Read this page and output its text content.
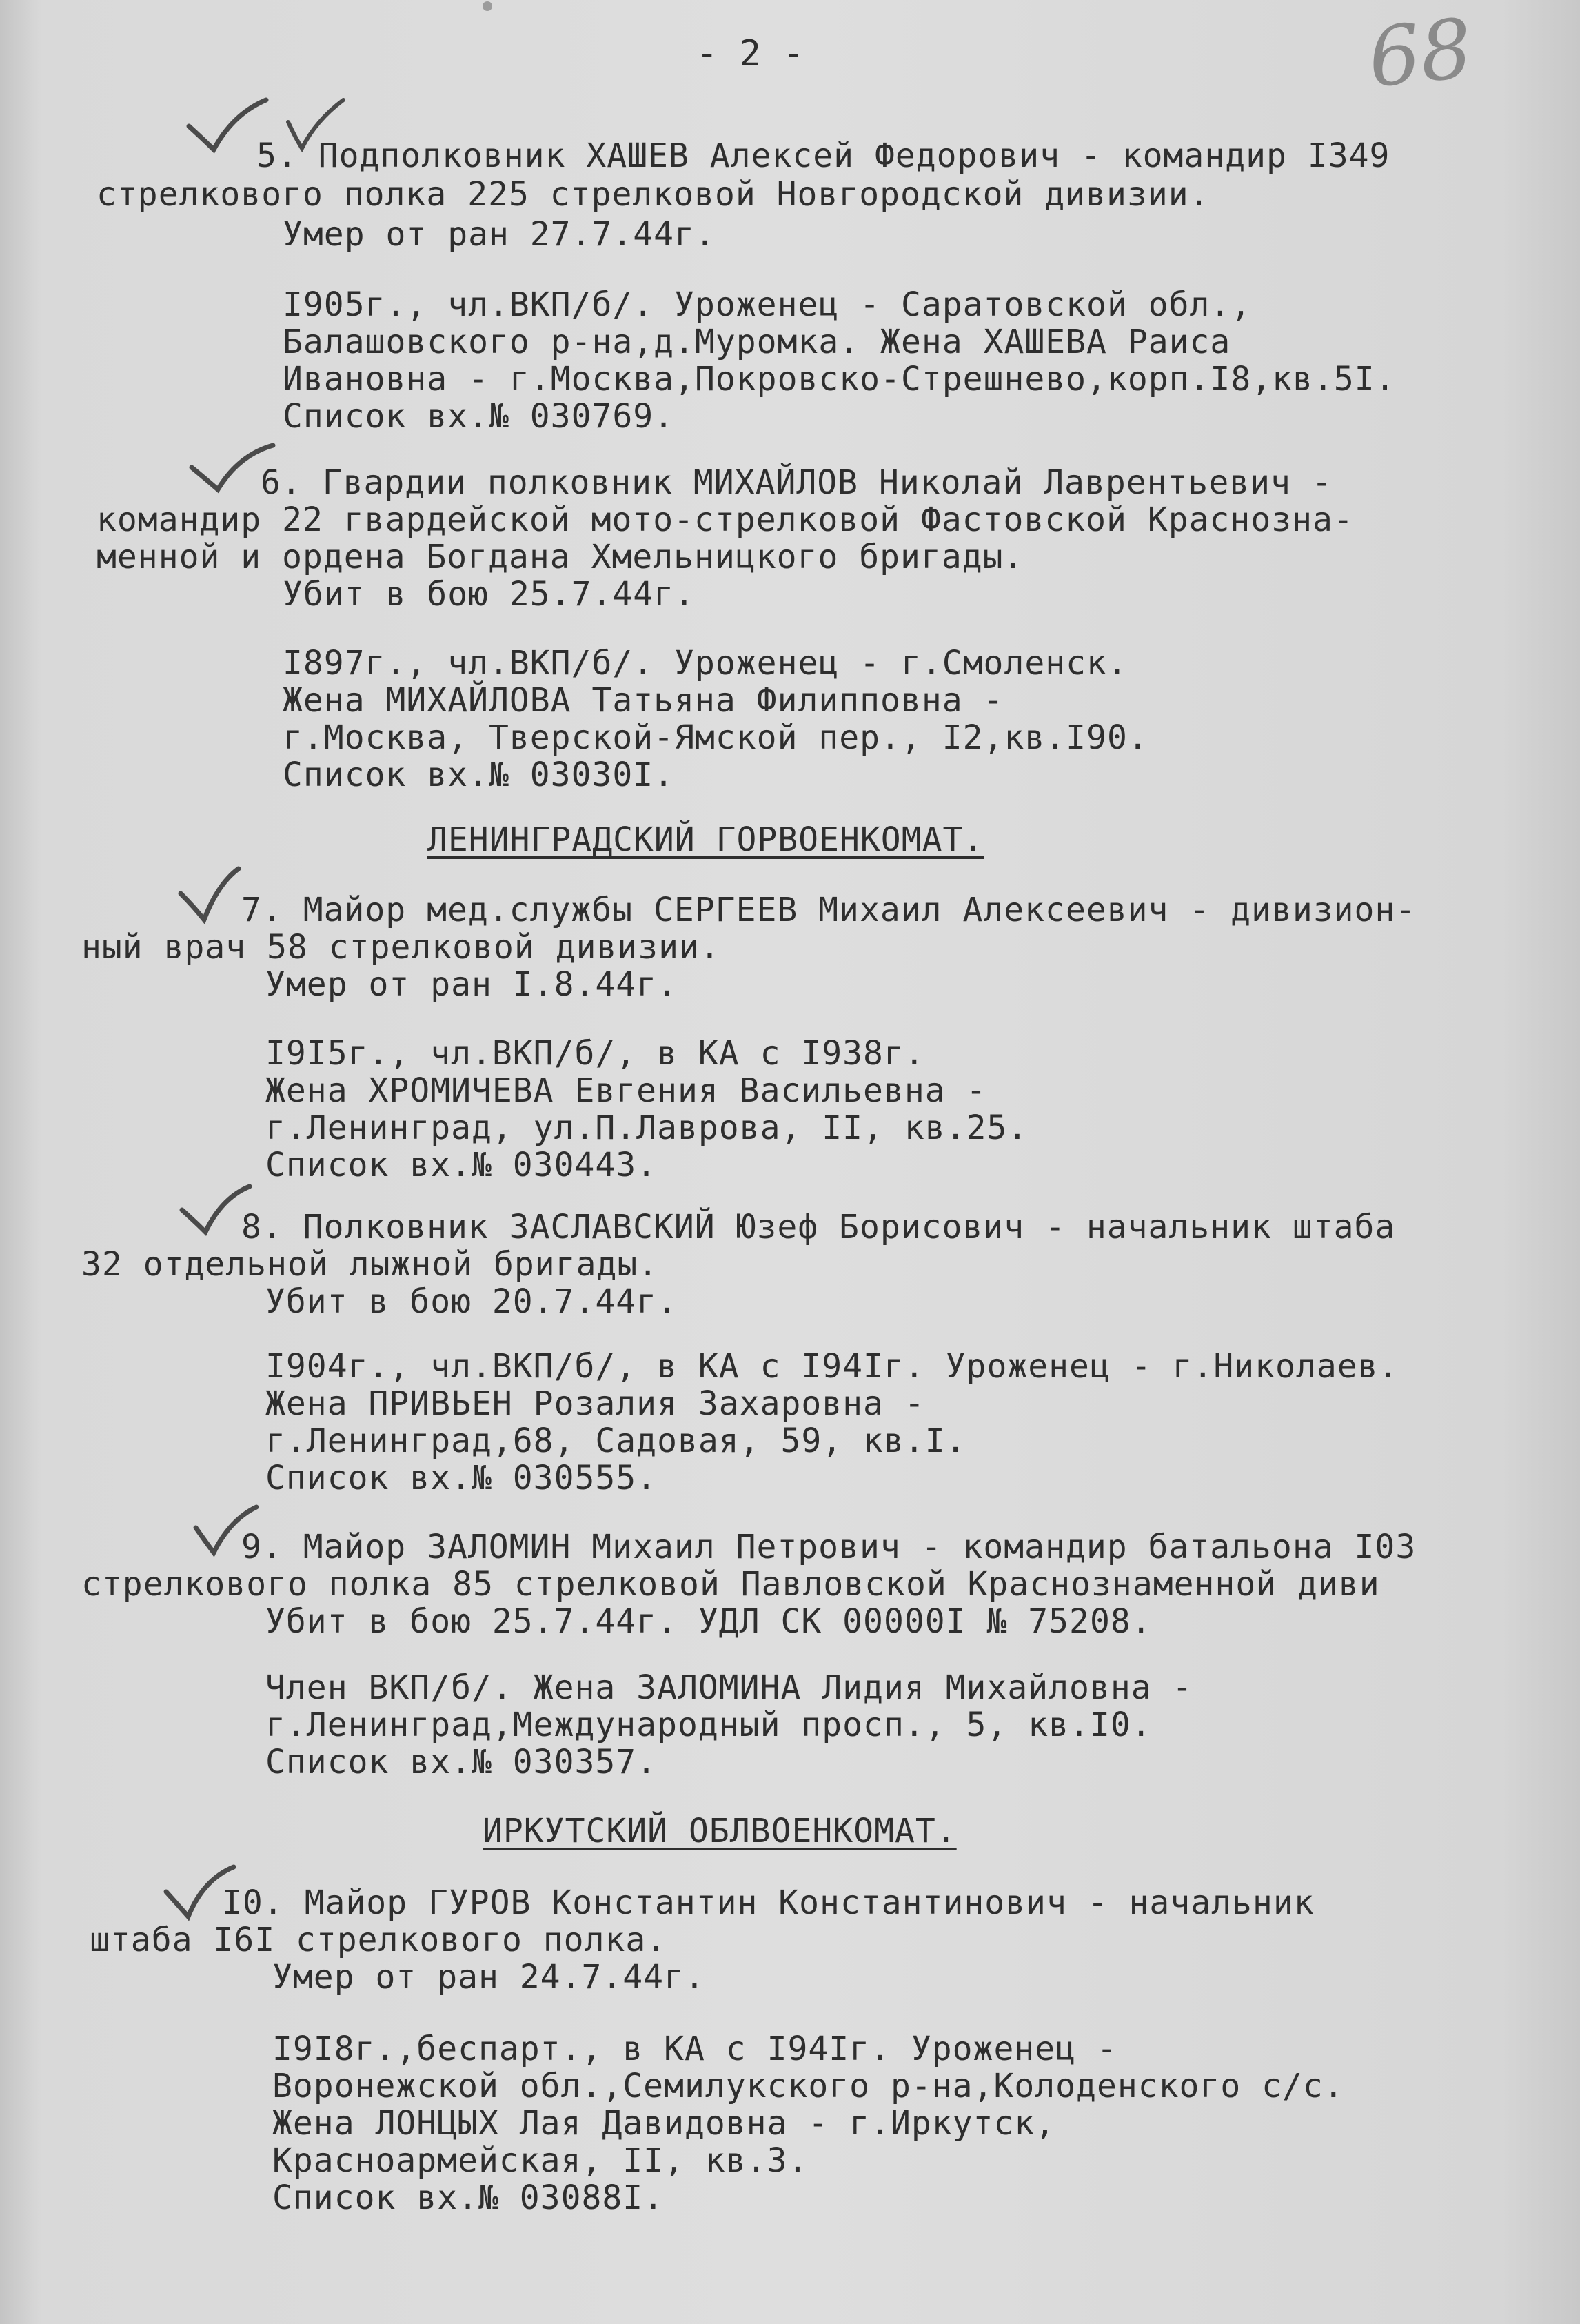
- 2 -	68
5. Подполковник ХАШЕВ Алексей Федорович - командир I349
стрелкового полка 225 стрелковой Новгородской дивизии.
Умер от ран 27.7.44г.
I905г., чл.ВКП/б/. Уроженец - Саратовской обл.,
Балашовского р-на,д.Муромка. Жена ХАШЕВА Раиса
Ивановна - г.Москва,Покровско-Стрешнево,корп.I8,кв.5I.
Список вх.№ 030769.
6. Гвардии полковник МИХАЙЛОВ Николай Лаврентьевич -
командир 22 гвардейской мото-стрелковой Фастовской Краснозна-
менной и ордена Богдана Хмельницкого бригады.
Убит в бою 25.7.44г.
I897г., чл.ВКП/б/. Уроженец - г.Смоленск.
Жена МИХАЙЛОВА Татьяна Филипповна -
г.Москва, Тверской-Ямской пер., I2,кв.I90.
Список вх.№ 03030I.
ЛЕНИНГРАДСКИЙ ГОРВОЕНКОМАТ.
7. Майор мед.службы СЕРГЕЕВ Михаил Алексеевич - дивизион-
ный врач 58 стрелковой дивизии.
Умер от ран I.8.44г.
I9I5г., чл.ВКП/б/, в КА с I938г.
Жена ХРОМИЧЕВА Евгения Васильевна -
г.Ленинград, ул.П.Лаврова, II, кв.25.
Список вх.№ 030443.
8. Полковник ЗАСЛАВСКИЙ Юзеф Борисович - начальник штаба
32 отдельной лыжной бригады.
Убит в бою 20.7.44г.
I904г., чл.ВКП/б/, в КА с I94Iг. Уроженец - г.Николаев.
Жена ПРИВЬЕН Розалия Захаровна -
г.Ленинград,68, Садовая, 59, кв.I.
Список вх.№ 030555.
9. Майор ЗАЛОМИН Михаил Петрович - командир батальона I03
стрелкового полка 85 стрелковой Павловской Краснознаменной диви
Убит в бою 25.7.44г. УДЛ СК 00000I № 75208.
Член ВКП/б/. Жена ЗАЛОМИНА Лидия Михайловна -
г.Ленинград,Международный просп., 5, кв.I0.
Список вх.№ 030357.
ИРКУТСКИЙ ОБЛВОЕНКОМАТ.
I0. Майор ГУРОВ Константин Константинович - начальник
штаба I6I стрелкового полка.
Умер от ран 24.7.44г.
I9I8г.,беспарт., в КА с I94Iг. Уроженец -
Воронежской обл.,Семилукского р-на,Колоденского с/с.
Жена ЛОНЦЫХ Лая Давидовна - г.Иркутск,
Красноармейская, II, кв.3.
Список вх.№ 03088I.
